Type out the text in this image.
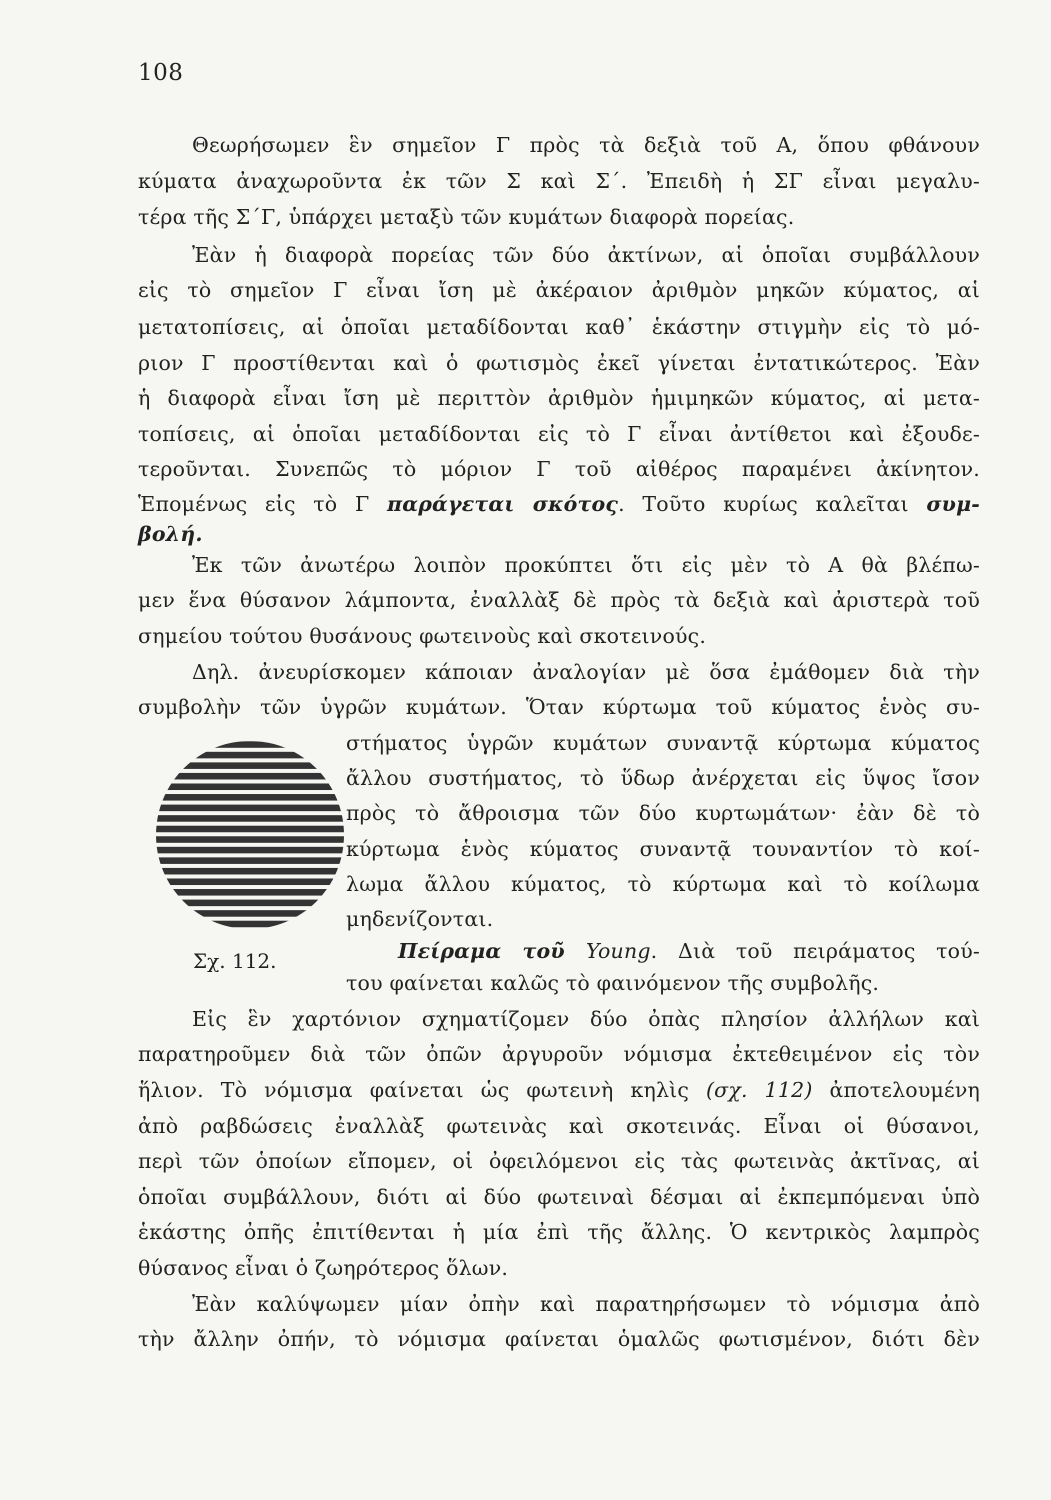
108
Θεωρήσωμεν ἓν σημεῖον Γ πρὸς τὰ δεξιὰ τοῦ Α, ὅπου φθάνουν
κύματα ἀναχωροῦντα ἐκ τῶν Σ καὶ Σ΄. Ἐπειδὴ ἡ ΣΓ εἶναι μεγαλυ-
τέρα τῆς Σ΄Γ, ὑπάρχει μεταξὺ τῶν κυμάτων διαφορὰ πορείας.
Ἐὰν ἡ διαφορὰ πορείας τῶν δύο ἀκτίνων, αἱ ὁποῖαι συμβάλλουν
εἰς τὸ σημεῖον Γ εἶναι ἴση μὲ ἀκέραιον ἀριθμὸν μηκῶν κύματος, αἱ
μετατοπίσεις, αἱ ὁποῖαι μεταδίδονται καθ᾽ ἑκάστην στιγμὴν εἰς τὸ μό-
ριον Γ προστίθενται καὶ ὁ φωτισμὸς ἐκεῖ γίνεται ἐντατικώτερος. Ἐὰν
ἡ διαφορὰ εἶναι ἴση μὲ περιττὸν ἀριθμὸν ἡμιμηκῶν κύματος, αἱ μετα-
τοπίσεις, αἱ ὁποῖαι μεταδίδονται εἰς τὸ Γ εἶναι ἀντίθετοι καὶ ἐξουδε-
τεροῦνται. Συνεπῶς τὸ μόριον Γ τοῦ αἰθέρος παραμένει ἀκίνητον.
Ἑπομένως εἰς τὸ Γ παράγεται σκότος. Τοῦτο κυρίως καλεῖται συμ-
βολή.
Ἐκ τῶν ἀνωτέρω λοιπὸν προκύπτει ὅτι εἰς μὲν τὸ Α θὰ βλέπω-
μεν ἕνα θύσανον λάμποντα, ἐναλλὰξ δὲ πρὸς τὰ δεξιὰ καὶ ἀριστερὰ τοῦ
σημείου τούτου θυσάνους φωτεινοὺς καὶ σκοτεινούς.
Δηλ. ἀνευρίσκομεν κάποιαν ἀναλογίαν μὲ ὅσα ἐμάθομεν διὰ τὴν
συμβολὴν τῶν ὑγρῶν κυμάτων. Ὅταν κύρτωμα τοῦ κύματος ἑνὸς συ-
Σχ. 112.
στήματος ὑγρῶν κυμάτων συναντᾷ κύρτωμα κύματος
ἄλλου συστήματος, τὸ ὕδωρ ἀνέρχεται εἰς ὕψος ἴσον
πρὸς τὸ ἄθροισμα τῶν δύο κυρτωμάτων· ἐὰν δὲ τὸ
κύρτωμα ἑνὸς κύματος συναντᾷ τουναντίον τὸ κοί-
λωμα ἄλλου κύματος, τὸ κύρτωμα καὶ τὸ κοίλωμα
μηδενίζονται.
Πείραμα τοῦ Young. Διὰ τοῦ πειράματος τού-
του φαίνεται καλῶς τὸ φαινόμενον τῆς συμβολῆς.
Εἰς ἓν χαρτόνιον σχηματίζομεν δύο ὀπὰς πλησίον ἀλλήλων καὶ
παρατηροῦμεν διὰ τῶν ὀπῶν ἀργυροῦν νόμισμα ἐκτεθειμένον εἰς τὸν
ἥλιον. Τὸ νόμισμα φαίνεται ὡς φωτεινὴ κηλὶς (σχ. 112) ἀποτελουμένη
ἀπὸ ραβδώσεις ἐναλλὰξ φωτεινὰς καὶ σκοτεινάς. Εἶναι οἱ θύσανοι,
περὶ τῶν ὁποίων εἴπομεν, οἱ ὀφειλόμενοι εἰς τὰς φωτεινὰς ἀκτῖνας, αἱ
ὁποῖαι συμβάλλουν, διότι αἱ δύο φωτειναὶ δέσμαι αἱ ἐκπεμπόμεναι ὑπὸ
ἑκάστης ὀπῆς ἐπιτίθενται ἡ μία ἐπὶ τῆς ἄλλης. Ὁ κεντρικὸς λαμπρὸς
θύσανος εἶναι ὁ ζωηρότερος ὅλων.
Ἐὰν καλύψωμεν μίαν ὀπὴν καὶ παρατηρήσωμεν τὸ νόμισμα ἀπὸ
τὴν ἄλλην ὀπήν, τὸ νόμισμα φαίνεται ὁμαλῶς φωτισμένον, διότι δὲν
